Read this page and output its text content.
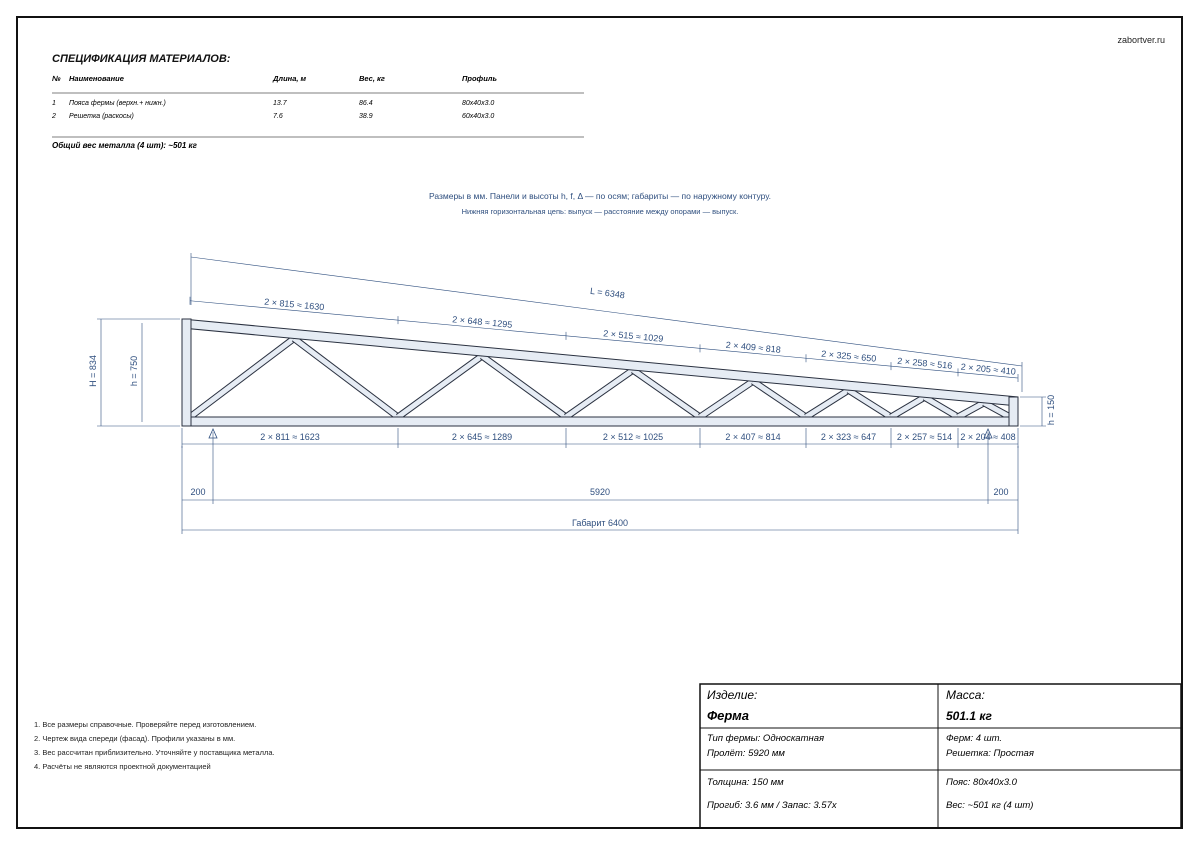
zabortver.ru
СПЕЦИФИКАЦИЯ МАТЕРИАЛОВ:
№ Наименование	Длина, м	Вес, кг	Профиль
1 Пояса фермы (верхн.+ нижн.)	13.7	86.4	80x40x3.0
2 Решетка (раскосы)	7.6	38.9	60x40x3.0
Общий вес металла (4 шт): ~501 кг
Размеры в мм. Панели и высоты h, f, Δ — по осям; габариты — по наружному контуру.
Нижняя горизонтальная цепь: выпуск — расстояние между опорами — выпуск.
L = 6348
H = 834	h = 750
h = 150
2 × 815 ≈ 1630
2 × 648 ≈ 1295
2 × 515 ≈ 1029
2 × 409 ≈ 818
2 × 325 ≈ 650 2 × 258 ≈ 516 2 × 205 ≈ 410
2 × 811 ≈ 1623	2 × 645 ≈ 1289	2 × 512 ≈ 1025	2 × 407 ≈ 814	2 × 323 ≈ 647 2 × 257 ≈ 514 2 × 204 ≈ 408
200	5920	200
Габарит 6400
Изделие:
Ферма
Масса:
501.1 кг
Тип фермы: Односкатная
Пролёт: 5920 мм
Ферм: 4 шт.
Решетка: Простая
Толщина: 150 мм	Пояс: 80x40x3.0
Прогиб: 3.6 мм / Запас: 3.57x	Вес: ~501 кг (4 шт)
1. Все размеры справочные. Проверяйте перед изготовлением.
2. Чертеж вида спереди (фасад). Профили указаны в мм.
3. Вес рассчитан приблизительно. Уточняйте у поставщика металла.
4. Расчёты не являются проектной документацией
